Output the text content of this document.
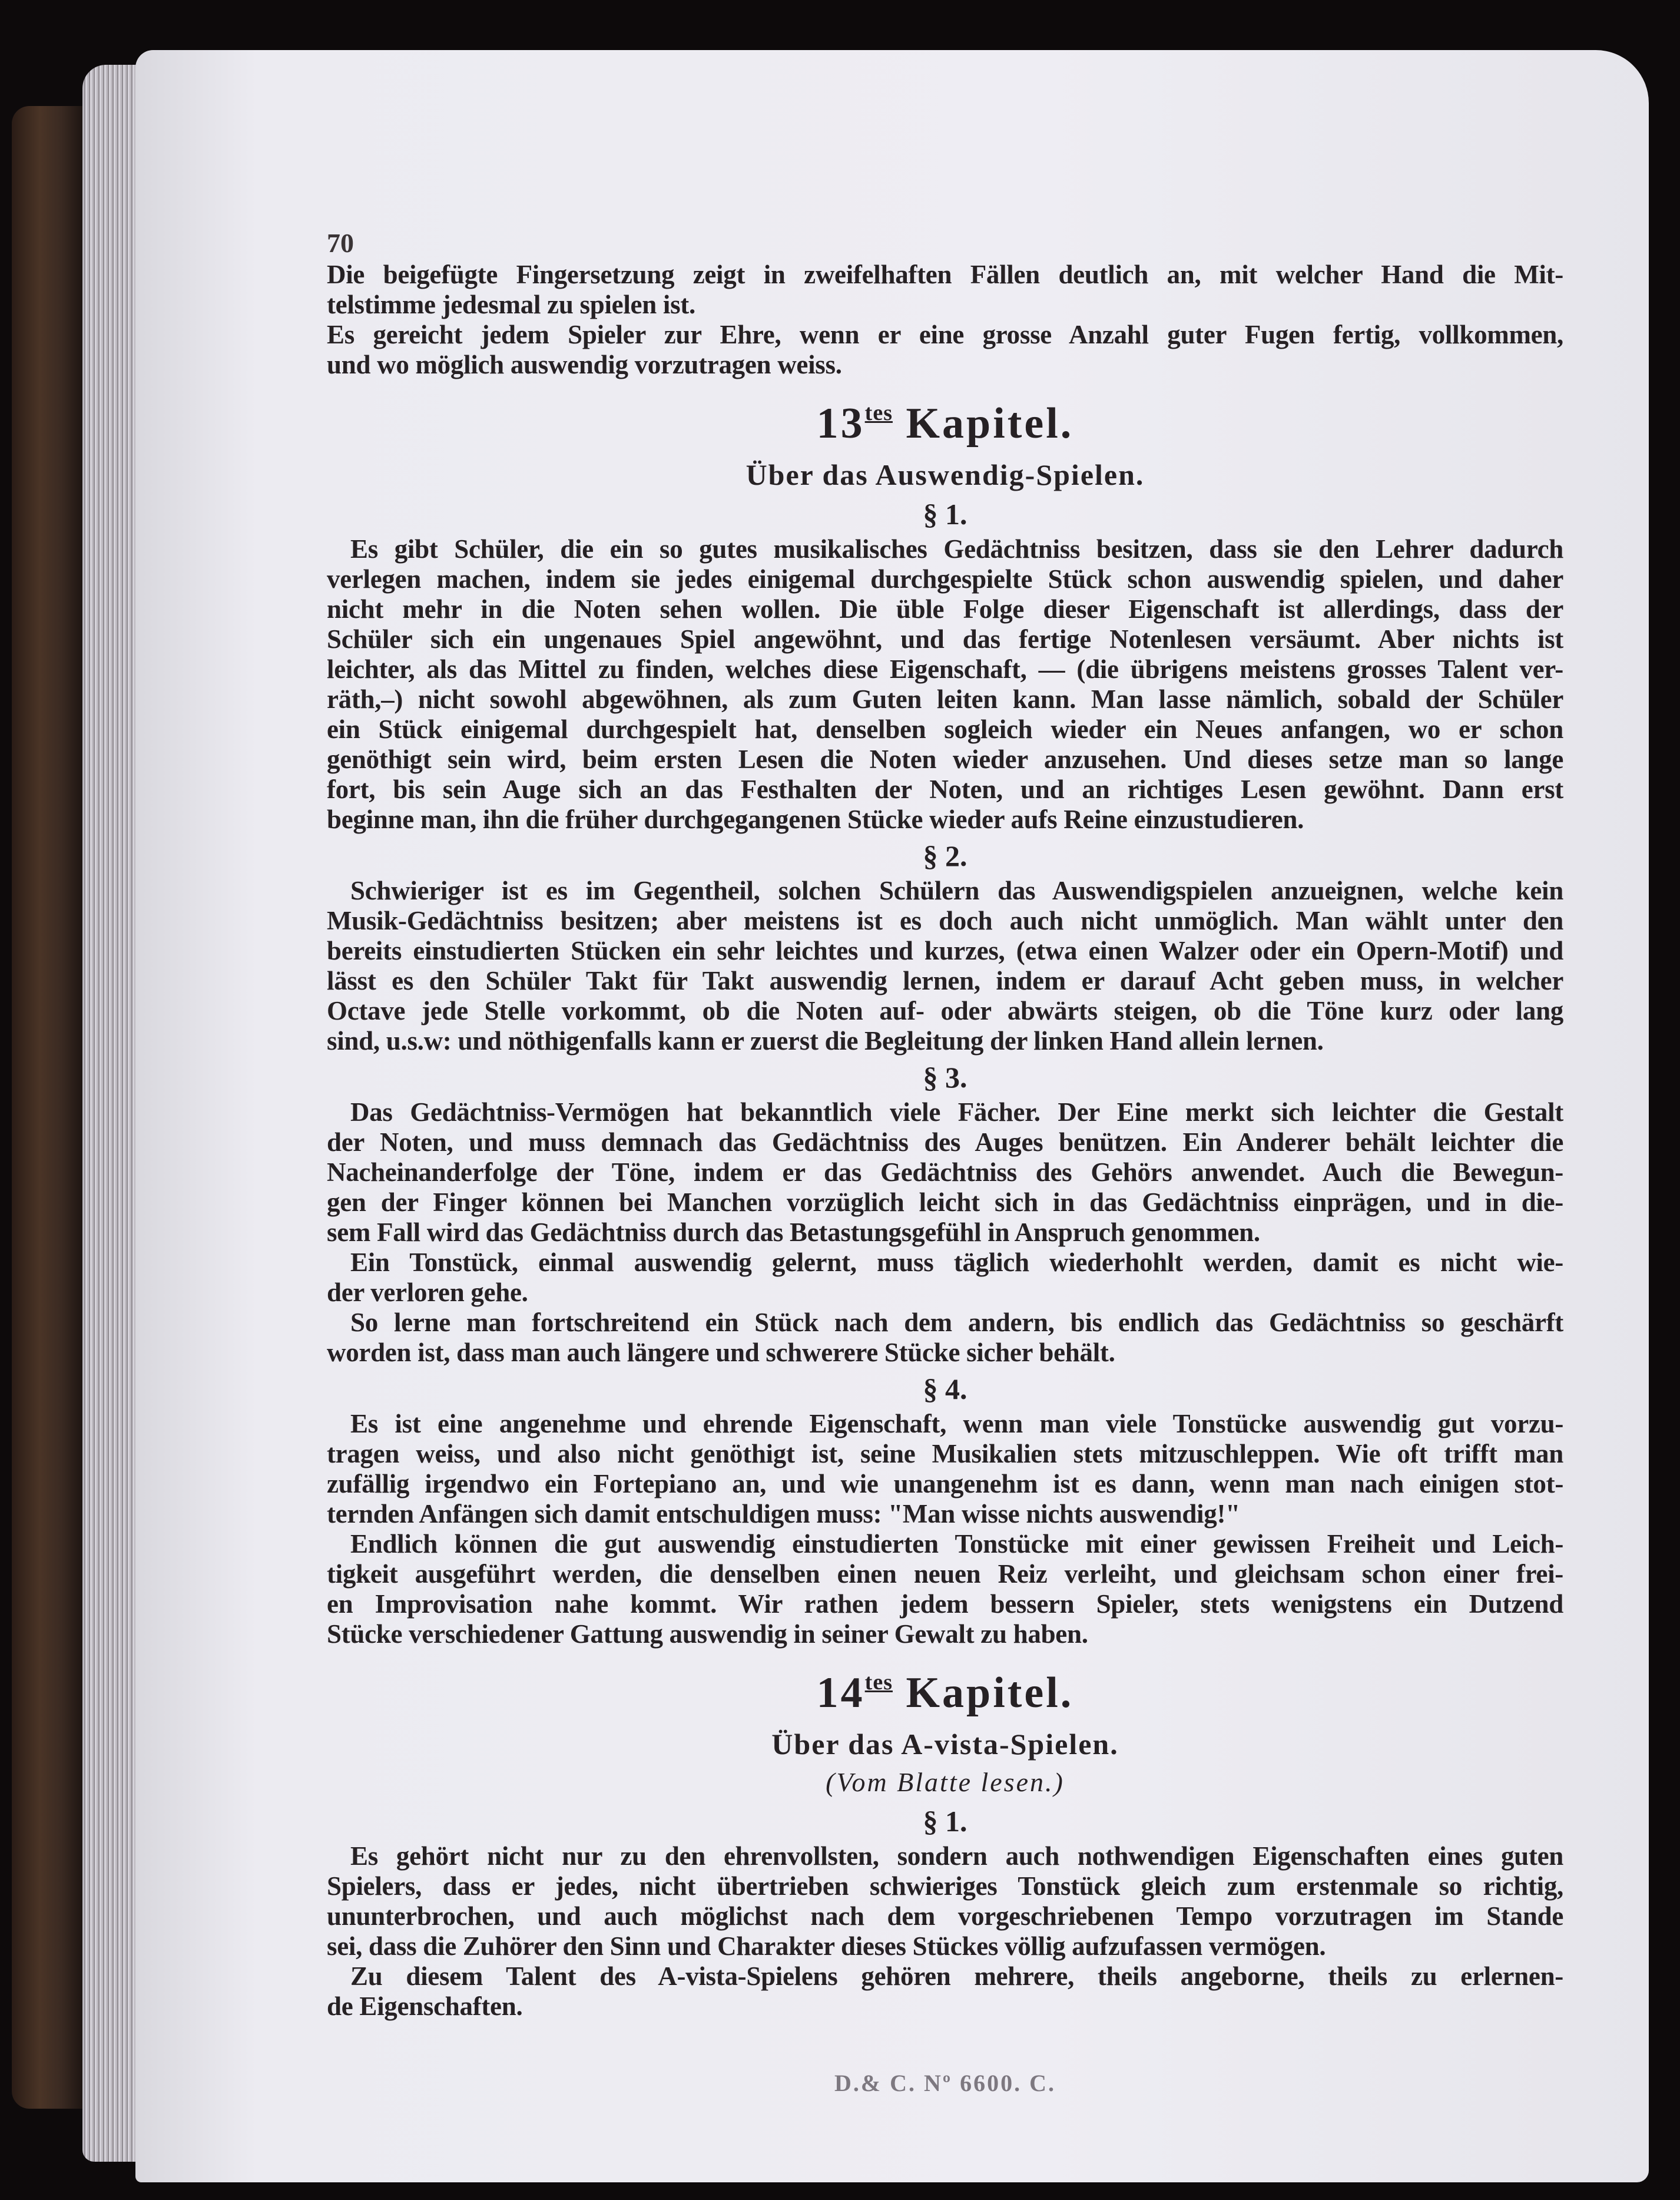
70
Die beigefügte Fingersetzung zeigt in zweifelhaften Fällen deutlich an, mit welcher Hand die Mit-
telstimme jedesmal zu spielen ist.
Es gereicht jedem Spieler zur Ehre, wenn er eine grosse Anzahl guter Fugen fertig, vollkommen,
und wo möglich auswendig vorzutragen weiss.
13tes Kapitel.
Über das Auswendig-Spielen.
§ 1.
Es gibt Schüler, die ein so gutes musikalisches Gedächtniss besitzen, dass sie den Lehrer dadurch
verlegen machen, indem sie jedes einigemal durchgespielte Stück schon auswendig spielen, und daher
nicht mehr in die Noten sehen wollen. Die üble Folge dieser Eigenschaft ist allerdings, dass der
Schüler sich ein ungenaues Spiel angewöhnt, und das fertige Notenlesen versäumt. Aber nichts ist
leichter, als das Mittel zu finden, welches diese Eigenschaft, — (die übrigens meistens grosses Talent ver-
räth,–) nicht sowohl abgewöhnen, als zum Guten leiten kann. Man lasse nämlich, sobald der Schüler
ein Stück einigemal durchgespielt hat, denselben sogleich wieder ein Neues anfangen, wo er schon
genöthigt sein wird, beim ersten Lesen die Noten wieder anzusehen. Und dieses setze man so lange
fort, bis sein Auge sich an das Festhalten der Noten, und an richtiges Lesen gewöhnt. Dann erst
beginne man, ihn die früher durchgegangenen Stücke wieder aufs Reine einzustudieren.
§ 2.
Schwieriger ist es im Gegentheil, solchen Schülern das Auswendigspielen anzueignen, welche kein
Musik-Gedächtniss besitzen; aber meistens ist es doch auch nicht unmöglich. Man wählt unter den
bereits einstudierten Stücken ein sehr leichtes und kurzes, (etwa einen Walzer oder ein Opern-Motif) und
lässt es den Schüler Takt für Takt auswendig lernen, indem er darauf Acht geben muss, in welcher
Octave jede Stelle vorkommt, ob die Noten auf- oder abwärts steigen, ob die Töne kurz oder lang
sind, u.s.w: und nöthigenfalls kann er zuerst die Begleitung der linken Hand allein lernen.
§ 3.
Das Gedächtniss-Vermögen hat bekanntlich viele Fächer. Der Eine merkt sich leichter die Gestalt
der Noten, und muss demnach das Gedächtniss des Auges benützen. Ein Anderer behält leichter die
Nacheinanderfolge der Töne, indem er das Gedächtniss des Gehörs anwendet. Auch die Bewegun-
gen der Finger können bei Manchen vorzüglich leicht sich in das Gedächtniss einprägen, und in die-
sem Fall wird das Gedächtniss durch das Betastungsgefühl in Anspruch genommen.
Ein Tonstück, einmal auswendig gelernt, muss täglich wiederhohlt werden, damit es nicht wie-
der verloren gehe.
So lerne man fortschreitend ein Stück nach dem andern, bis endlich das Gedächtniss so geschärft
worden ist, dass man auch längere und schwerere Stücke sicher behält.
§ 4.
Es ist eine angenehme und ehrende Eigenschaft, wenn man viele Tonstücke auswendig gut vorzu-
tragen weiss, und also nicht genöthigt ist, seine Musikalien stets mitzuschleppen. Wie oft trifft man
zufällig irgendwo ein Fortepiano an, und wie unangenehm ist es dann, wenn man nach einigen stot-
ternden Anfängen sich damit entschuldigen muss: "Man wisse nichts auswendig!"
Endlich können die gut auswendig einstudierten Tonstücke mit einer gewissen Freiheit und Leich-
tigkeit ausgeführt werden, die denselben einen neuen Reiz verleiht, und gleichsam schon einer frei-
en Improvisation nahe kommt. Wir rathen jedem bessern Spieler, stets wenigstens ein Dutzend
Stücke verschiedener Gattung auswendig in seiner Gewalt zu haben.
14tes Kapitel.
Über das A-vista-Spielen.
(Vom Blatte lesen.)
§ 1.
Es gehört nicht nur zu den ehrenvollsten, sondern auch nothwendigen Eigenschaften eines guten
Spielers, dass er jedes, nicht übertrieben schwieriges Tonstück gleich zum erstenmale so richtig,
ununterbrochen, und auch möglichst nach dem vorgeschriebenen Tempo vorzutragen im Stande
sei, dass die Zuhörer den Sinn und Charakter dieses Stückes völlig aufzufassen vermögen.
Zu diesem Talent des A-vista-Spielens gehören mehrere, theils angeborne, theils zu erlernen-
de Eigenschaften.
D.& C. Nº 6600. C.
